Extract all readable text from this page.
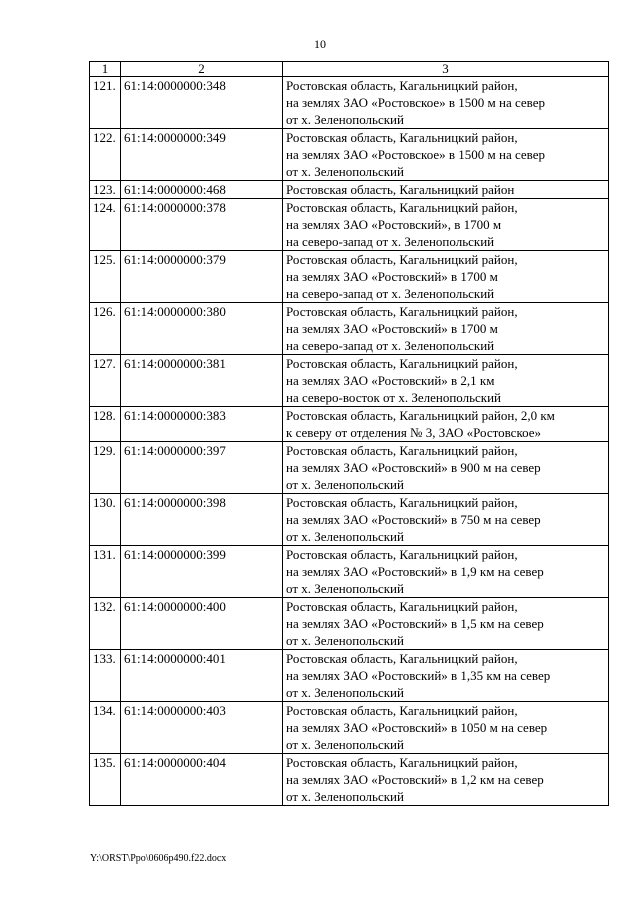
10
1	2	3
121.	61:14:0000000:348	Ростовская область, Кагальницкий район,
на землях ЗАО «Ростовское» в 1500 м на север
от х. Зеленопольский
122.	61:14:0000000:349	Ростовская область, Кагальницкий район,
на землях ЗАО «Ростовское» в 1500 м на север
от х. Зеленопольский
123.	61:14:0000000:468	Ростовская область, Кагальницкий район
124.	61:14:0000000:378	Ростовская область, Кагальницкий район,
на землях ЗАО «Ростовский», в 1700 м
на северо-запад от х. Зеленопольский
125.	61:14:0000000:379	Ростовская область, Кагальницкий район,
на землях ЗАО «Ростовский» в 1700 м
на северо-запад от х. Зеленопольский
126.	61:14:0000000:380	Ростовская область, Кагальницкий район,
на землях ЗАО «Ростовский» в 1700 м
на северо-запад от х. Зеленопольский
127.	61:14:0000000:381	Ростовская область, Кагальницкий район,
на землях ЗАО «Ростовский» в 2,1 км
на северо-восток от х. Зеленопольский
128.	61:14:0000000:383	Ростовская область, Кагальницкий район, 2,0 км
к северу от отделения № 3, ЗАО «Ростовское»
129.	61:14:0000000:397	Ростовская область, Кагальницкий район,
на землях ЗАО «Ростовский» в 900 м на север
от х. Зеленопольский
130.	61:14:0000000:398	Ростовская область, Кагальницкий район,
на землях ЗАО «Ростовский» в 750 м на север
от х. Зеленопольский
131.	61:14:0000000:399	Ростовская область, Кагальницкий район,
на землях ЗАО «Ростовский» в 1,9 км на север
от х. Зеленопольский
132.	61:14:0000000:400	Ростовская область, Кагальницкий район,
на землях ЗАО «Ростовский» в 1,5 км на север
от х. Зеленопольский
133.	61:14:0000000:401	Ростовская область, Кагальницкий район,
на землях ЗАО «Ростовский» в 1,35 км на север
от х. Зеленопольский
134.	61:14:0000000:403	Ростовская область, Кагальницкий район,
на землях ЗАО «Ростовский» в 1050 м на север
от х. Зеленопольский
135.	61:14:0000000:404	Ростовская область, Кагальницкий район,
на землях ЗАО «Ростовский» в 1,2 км на север
от х. Зеленопольский
Y:\ORST\Ppo\0606p490.f22.docx
